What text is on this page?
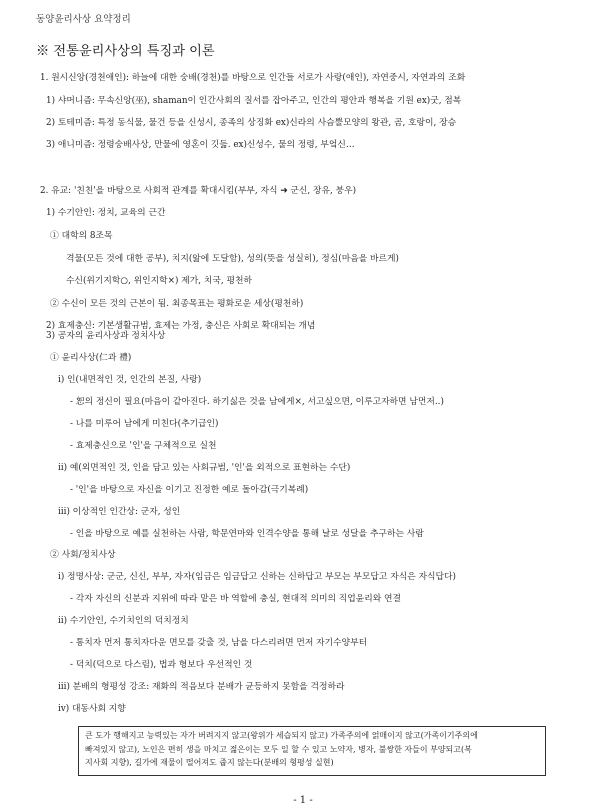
동양윤리사상 요약정리
※ 전통윤리사상의 특징과 이론
1. 원시신앙(경천애인): 하늘에 대한 숭배(경천)를 바탕으로 인간들 서로가 사랑(애인), 자연중시, 자연과의 조화
1) 샤머니즘: 무속신앙(巫), shaman이 인간사회의 질서를 잡아주고, 인간의 평안과 행복을 기원 ex)굿, 점복
2) 토테미즘: 특정 동식물, 물건 등을 신성시, 종족의 상징화 ex)신라의 사슴뿔모양의 왕관, 곰, 호랑이, 장승
3) 애니미즘: 정령숭배사상, 만물에 영혼이 깃듦. ex)신성수, 물의 정령, 부엌신…
2. 유교: '친친'을 바탕으로 사회적 관계를 확대시킴(부부, 자식 ➜ 군신, 장유, 붕우)
1) 수기안인: 정치, 교육의 근간
① 대학의 8조목
격물(모든 것에 대한 공부), 치지(앎에 도달함), 성의(뜻을 성실히), 정심(마음을 바르게)
수신(위기지학○, 위인지학×) 제가, 치국, 평천하
② 수신이 모든 것의 근본이 됨. 최종목표는 평화로운 세상(평천하)
2) 효제충신: 기본생활규범, 효제는 가정, 충신은 사회로 확대되는 개념
3) 공자의 윤리사상과 정치사상
① 윤리사상(仁과 禮)
ⅰ) 인(내면적인 것, 인간의 본질, 사랑)
- 恕의 정신이 필요(마음이 같아진다. 하기싫은 것을 남에게×, 서고싶으면, 이루고자하면 남먼저..)
- 나를 미루어 남에게 미친다(추기급인)
- 효제충신으로 '인'을 구체적으로 실천
ⅱ) 예(외면적인 것, 인을 담고 있는 사회규범, '인'을 외적으로 표현하는 수단)
- '인'을 바탕으로 자신을 이기고 진정한 예로 돌아감(극기복례)
ⅲ) 이상적인 인간상: 군자, 성인
- 인을 바탕으로 예를 실천하는 사람, 학문연마와 인격수양을 통해 날로 성달을 추구하는 사람
② 사회/정치사상
ⅰ) 정명사상: 군군, 신신, 부부, 자자(임금은 임금답고 신하는 신하답고 부모는 부모답고 자식은 자식답다)
- 각자 자신의 신분과 지위에 따라 맡은 바 역할에 충실, 현대적 의미의 직업윤리와 연결
ⅱ) 수기안인, 수기치인의 덕치정치
- 통치자 먼저 통치자다운 면모를 갖출 것, 남을 다스리려면 먼저 자기수양부터
- 덕치(덕으로 다스림), 법과 형보다 우선적인 것
ⅲ) 분배의 형평성 강조: 재화의 적음보다 분배가 균등하지 못함을 걱정하라
ⅳ) 대동사회 지향
큰 도가 행해지고 능력있는 자가 버려지지 않고(왕위가 세습되지 않고) 가족주의에 얽매이지 않고(가족이기주의에
빠져있지 않고), 노인은 편히 생을 마치고 젊은이는 모두 일 할 수 있고 노약자, 병자, 불쌍한 자들이 부양되고(복
지사회 지향), 길가에 재물이 떨어져도 줍지 않는다(분배의 형평성 실현)
- 1 -
